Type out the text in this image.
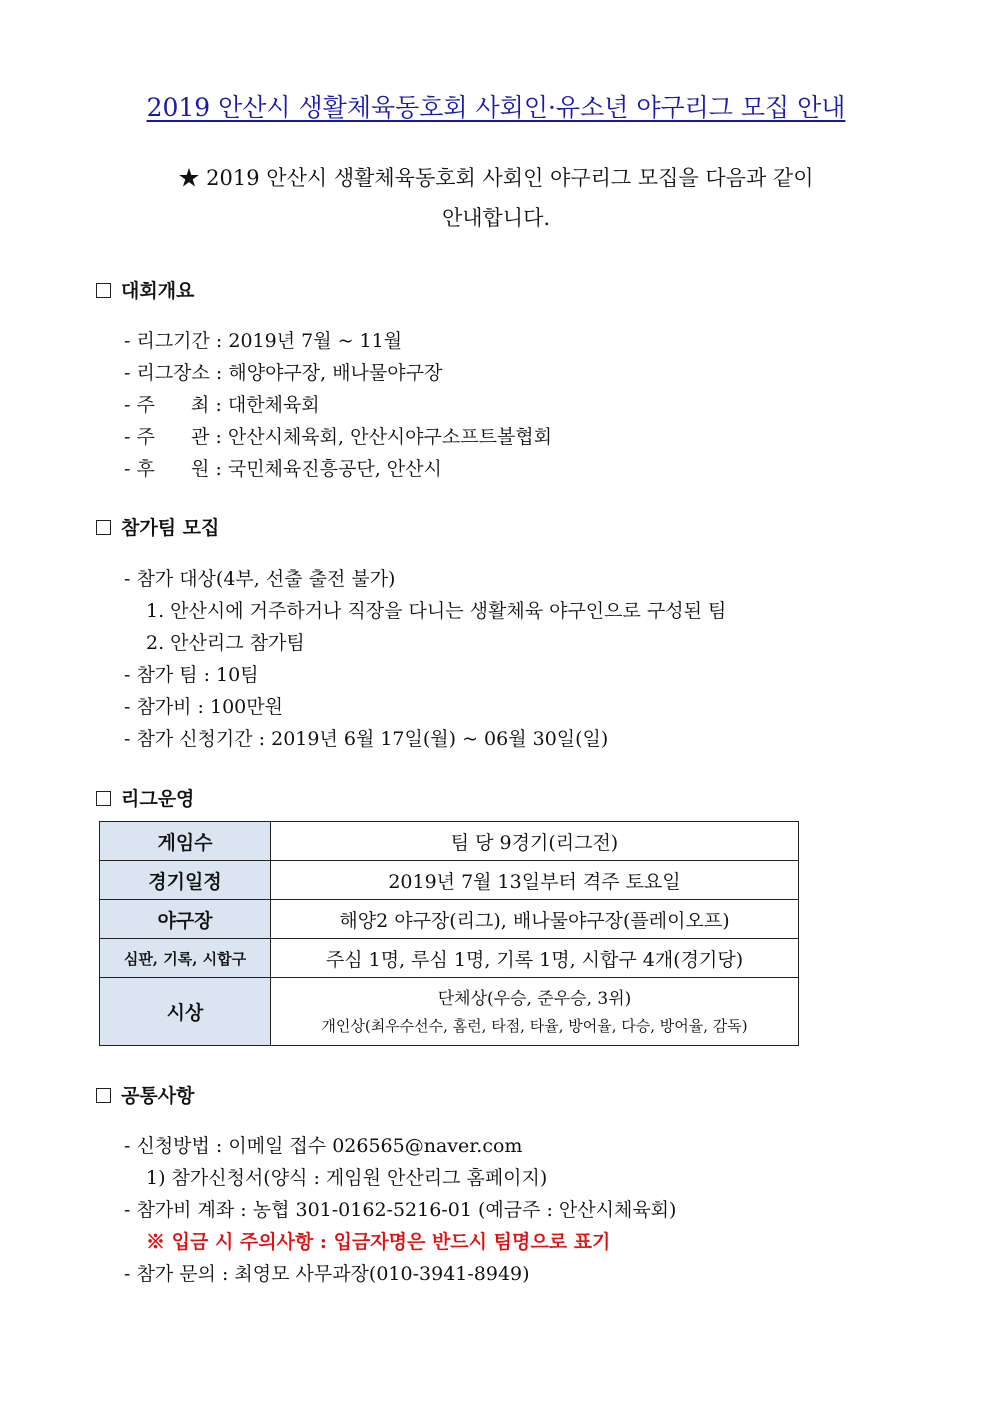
2019 안산시 생활체육동호회 사회인·유소년 야구리그 모집 안내
★ 2019 안산시 생활체육동호회 사회인 야구리그 모집을 다음과 같이
안내합니다.
대회개요
- 리그기간 : 2019년 7월 ~ 11월
- 리그장소 : 해양야구장, 배나물야구장
- 주      최 : 대한체육회
- 주      관 : 안산시체육회, 안산시야구소프트볼협회
- 후      원 : 국민체육진흥공단, 안산시
참가팀 모집
- 참가 대상(4부, 선출 출전 불가)
1. 안산시에 거주하거나 직장을 다니는 생활체육 야구인으로 구성된 팀
2. 안산리그 참가팀
- 참가 팀 : 10팀
- 참가비 : 100만원
- 참가 신청기간 : 2019년 6월 17일(월) ~ 06월 30일(일)
리그운영
게임수	팀 당 9경기(리그전)
경기일정	2019년 7월 13일부터 격주 토요일
야구장	해양2 야구장(리그), 배나물야구장(플레이오프)
심판, 기록, 시합구	주심 1명, 루심 1명, 기록 1명, 시합구 4개(경기당)
시상	단체상(우승, 준우승, 3위)
개인상(최우수선수, 홈런, 타점, 타율, 방어율, 다승, 방어율, 감독)
공통사항
- 신청방법 : 이메일 접수 026565@naver.com
1) 참가신청서(양식 : 게임원 안산리그 홈페이지)
- 참가비 계좌 : 농협 301-0162-5216-01 (예금주 : 안산시체육회)
※ 입금 시 주의사항 : 입금자명은 반드시 팀명으로 표기
- 참가 문의 : 최영모 사무과장(010-3941-8949)
